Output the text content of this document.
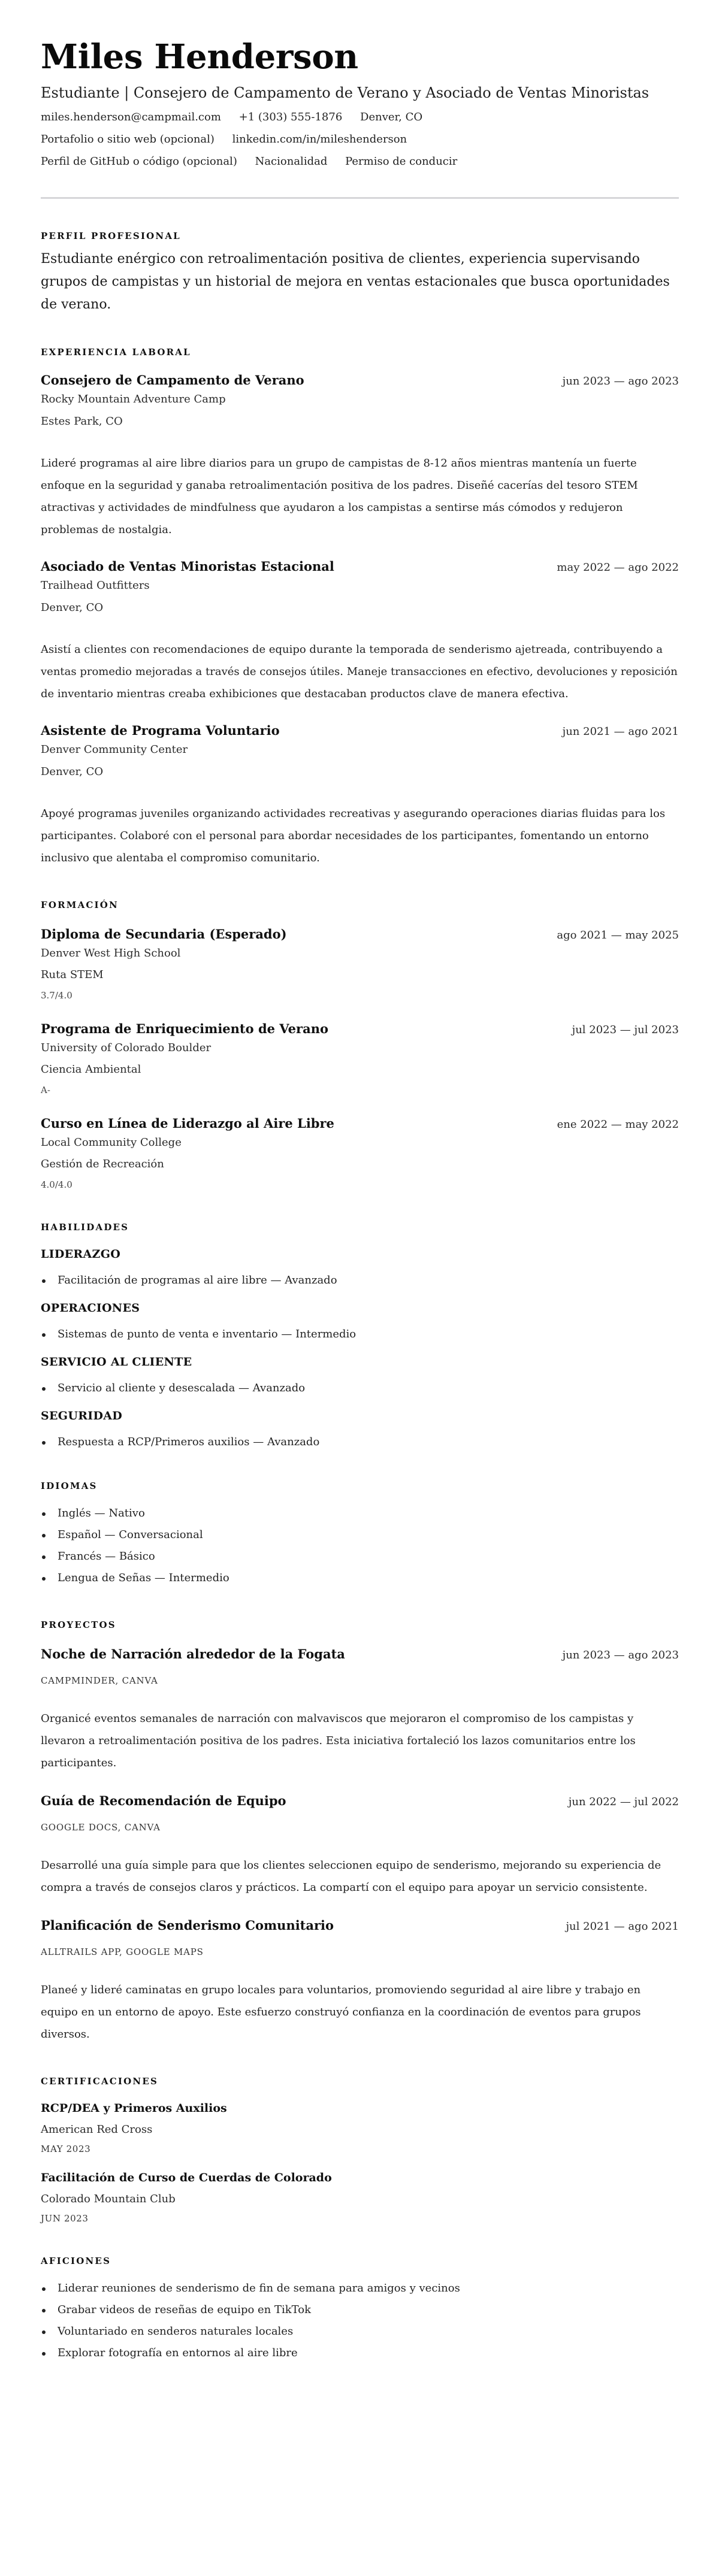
Miles Henderson
Estudiante | Consejero de Campamento de Verano y Asociado de Ventas Minoristas
miles.henderson@campmail.com +1 (303) 555-1876 Denver, CO
Portafolio o sitio web (opcional) linkedin.com/in/mileshenderson
Perfil de GitHub o código (opcional) Nacionalidad Permiso de conducir
PERFIL PROFESIONAL

Estudiante enérgico con retroalimentación positiva de clientes, experiencia supervisando grupos de campistas y un historial de mejora en ventas estacionales que busca oportunidades de verano.

EXPERIENCIA LABORAL
Consejero de Campamento de Verano	jun 2023 — ago 2023
Rocky Mountain Adventure Camp
Estes Park, CO

Lideré programas al aire libre diarios para un grupo de campistas de 8-12 años mientras mantenía un fuerte enfoque en la seguridad y ganaba retroalimentación positiva de los padres. Diseñé cacerías del tesoro STEM atractivas y actividades de mindfulness que ayudaron a los campistas a sentirse más cómodos y redujeron problemas de nostalgia.

Asociado de Ventas Minoristas Estacional	may 2022 — ago 2022
Trailhead Outfitters
Denver, CO

Asistí a clientes con recomendaciones de equipo durante la temporada de senderismo ajetreada, contribuyendo a ventas promedio mejoradas a través de consejos útiles. Maneje transacciones en efectivo, devoluciones y reposición de inventario mientras creaba exhibiciones que destacaban productos clave de manera efectiva.

Asistente de Programa Voluntario	jun 2021 — ago 2021
Denver Community Center
Denver, CO

Apoyé programas juveniles organizando actividades recreativas y asegurando operaciones diarias fluidas para los participantes. Colaboré con el personal para abordar necesidades de los participantes, fomentando un entorno inclusivo que alentaba el compromiso comunitario.

FORMACIÓN
Diploma de Secundaria (Esperado)	ago 2021 — may 2025
Denver West High School
Ruta STEM
3.7/4.0
Programa de Enriquecimiento de Verano	jul 2023 — jul 2023
University of Colorado Boulder
Ciencia Ambiental
A-
Curso en Línea de Liderazgo al Aire Libre	ene 2022 — may 2022
Local Community College
Gestión de Recreación
4.0/4.0
HABILIDADES
LIDERAZGO
Facilitación de programas al aire libre — Avanzado
OPERACIONES
Sistemas de punto de venta e inventario — Intermedio
SERVICIO AL CLIENTE
Servicio al cliente y desescalada — Avanzado
SEGURIDAD
Respuesta a RCP/Primeros auxilios — Avanzado
IDIOMAS
Inglés — Nativo
Español — Conversacional
Francés — Básico
Lengua de Señas — Intermedio
PROYECTOS
Noche de Narración alrededor de la Fogata	jun 2023 — ago 2023
CAMPMINDER, CANVA

Organicé eventos semanales de narración con malvaviscos que mejoraron el compromiso de los campistas y llevaron a retroalimentación positiva de los padres. Esta iniciativa fortaleció los lazos comunitarios entre los participantes.

Guía de Recomendación de Equipo	jun 2022 — jul 2022
GOOGLE DOCS, CANVA

Desarrollé una guía simple para que los clientes seleccionen equipo de senderismo, mejorando su experiencia de compra a través de consejos claros y prácticos. La compartí con el equipo para apoyar un servicio consistente.

Planificación de Senderismo Comunitario	jul 2021 — ago 2021
ALLTRAILS APP, GOOGLE MAPS

Planeé y lideré caminatas en grupo locales para voluntarios, promoviendo seguridad al aire libre y trabajo en equipo en un entorno de apoyo. Este esfuerzo construyó confianza en la coordinación de eventos para grupos diversos.

CERTIFICACIONES
RCP/DEA y Primeros Auxilios
American Red Cross
MAY 2023
Facilitación de Curso de Cuerdas de Colorado
Colorado Mountain Club
JUN 2023
AFICIONES
Liderar reuniones de senderismo de fin de semana para amigos y vecinos
Grabar videos de reseñas de equipo en TikTok
Voluntariado en senderos naturales locales
Explorar fotografía en entornos al aire libre
